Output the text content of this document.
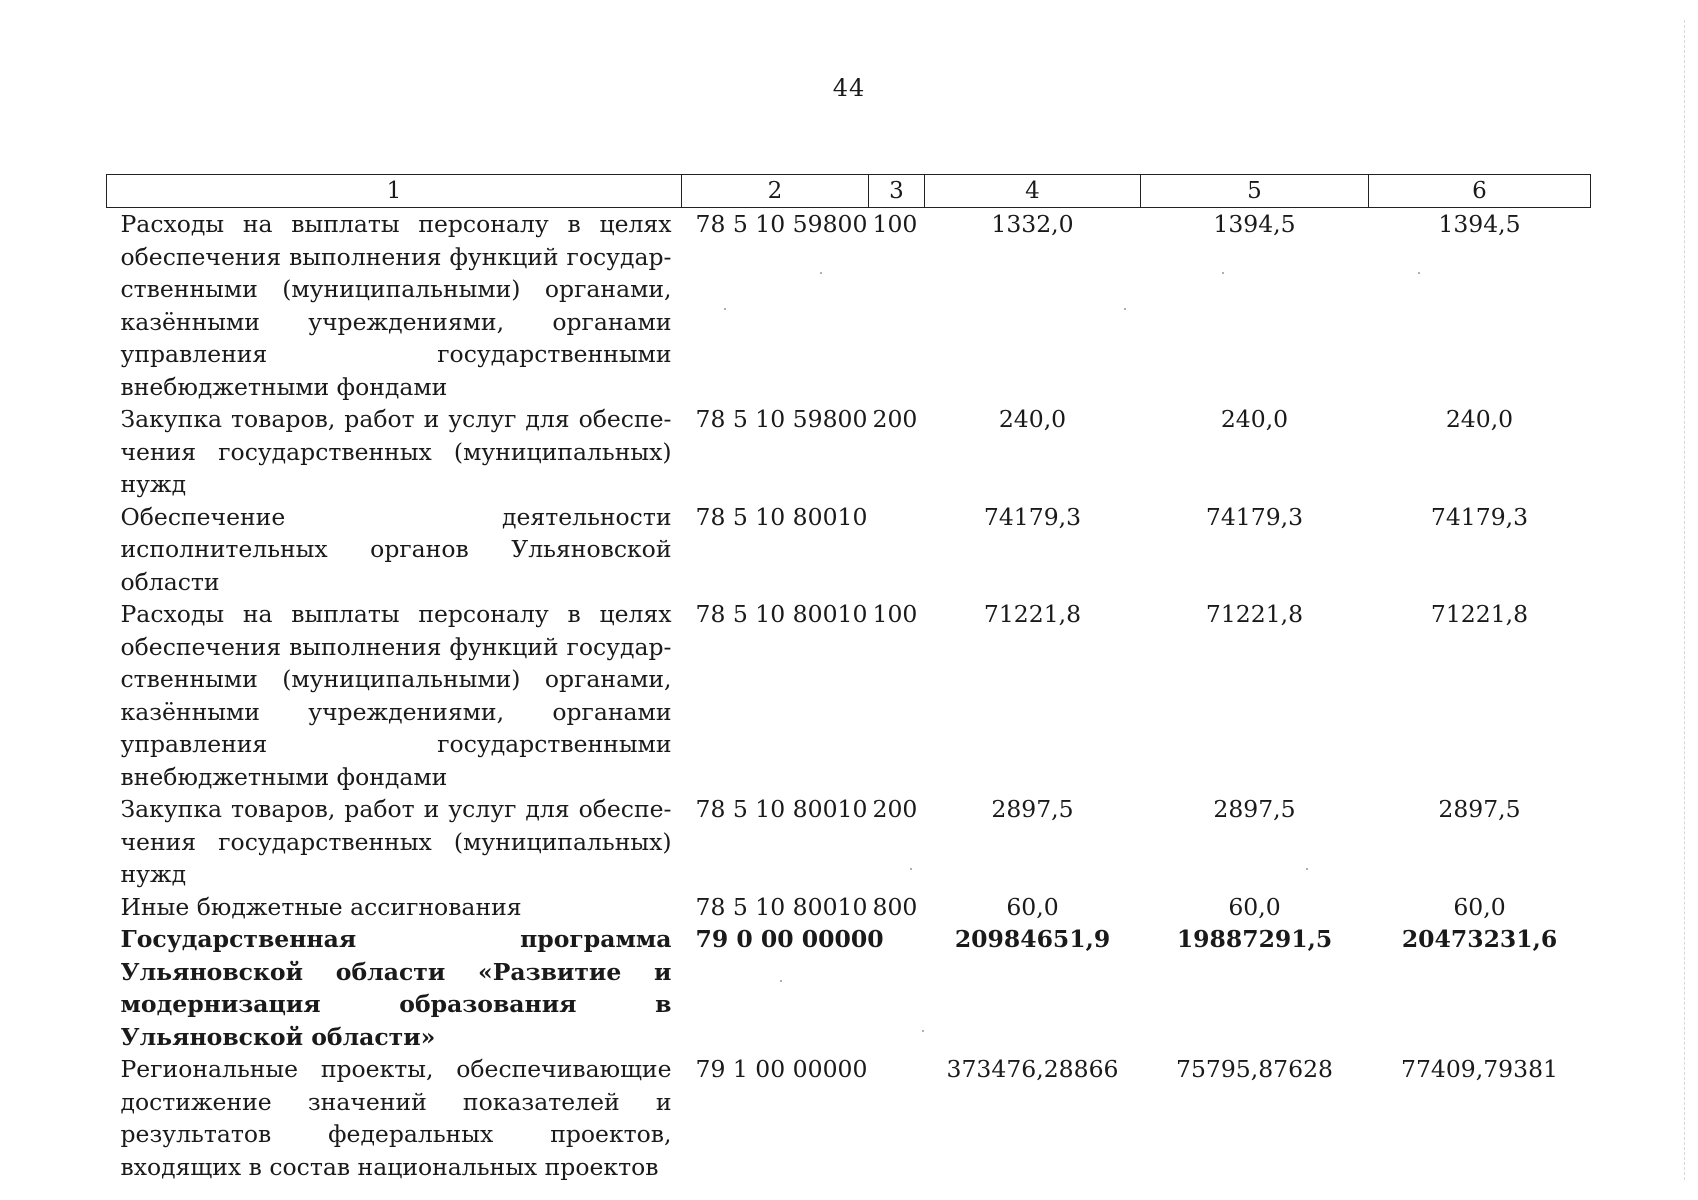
44
1	2	3	4	5	6
Расходы на выплаты персоналу в целях обеспечения выполнения функций государственными (муниципальными) органами, казёнными учреждениями, органами управления государственными внебюджетными фондами	78 5 10 59800	100	1332,0	1394,5	1394,5
Закупка товаров, работ и услуг для обеспечения государственных (муниципальных) нужд	78 5 10 59800	200	240,0	240,0	240,0
Обеспечение деятельности исполнительных органов Ульяновской области	78 5 10 80010		74179,3	74179,3	74179,3
Расходы на выплаты персоналу в целях обеспечения выполнения функций государственными (муниципальными) органами, казёнными учреждениями, органами управления государственными внебюджетными фондами	78 5 10 80010	100	71221,8	71221,8	71221,8
Закупка товаров, работ и услуг для обеспечения государственных (муниципальных) нужд	78 5 10 80010	200	2897,5	2897,5	2897,5
Иные бюджетные ассигнования	78 5 10 80010	800	60,0	60,0	60,0
Государственная программа Ульяновской области «Развитие и модернизация образования в Ульяновской области»	79 0 00 00000		20984651,9	19887291,5	20473231,6
Региональные проекты, обеспечивающие достижение значений показателей и результатов федеральных проектов, входящих в состав национальных проектов	79 1 00 00000		373476,28866	75795,87628	77409,79381
